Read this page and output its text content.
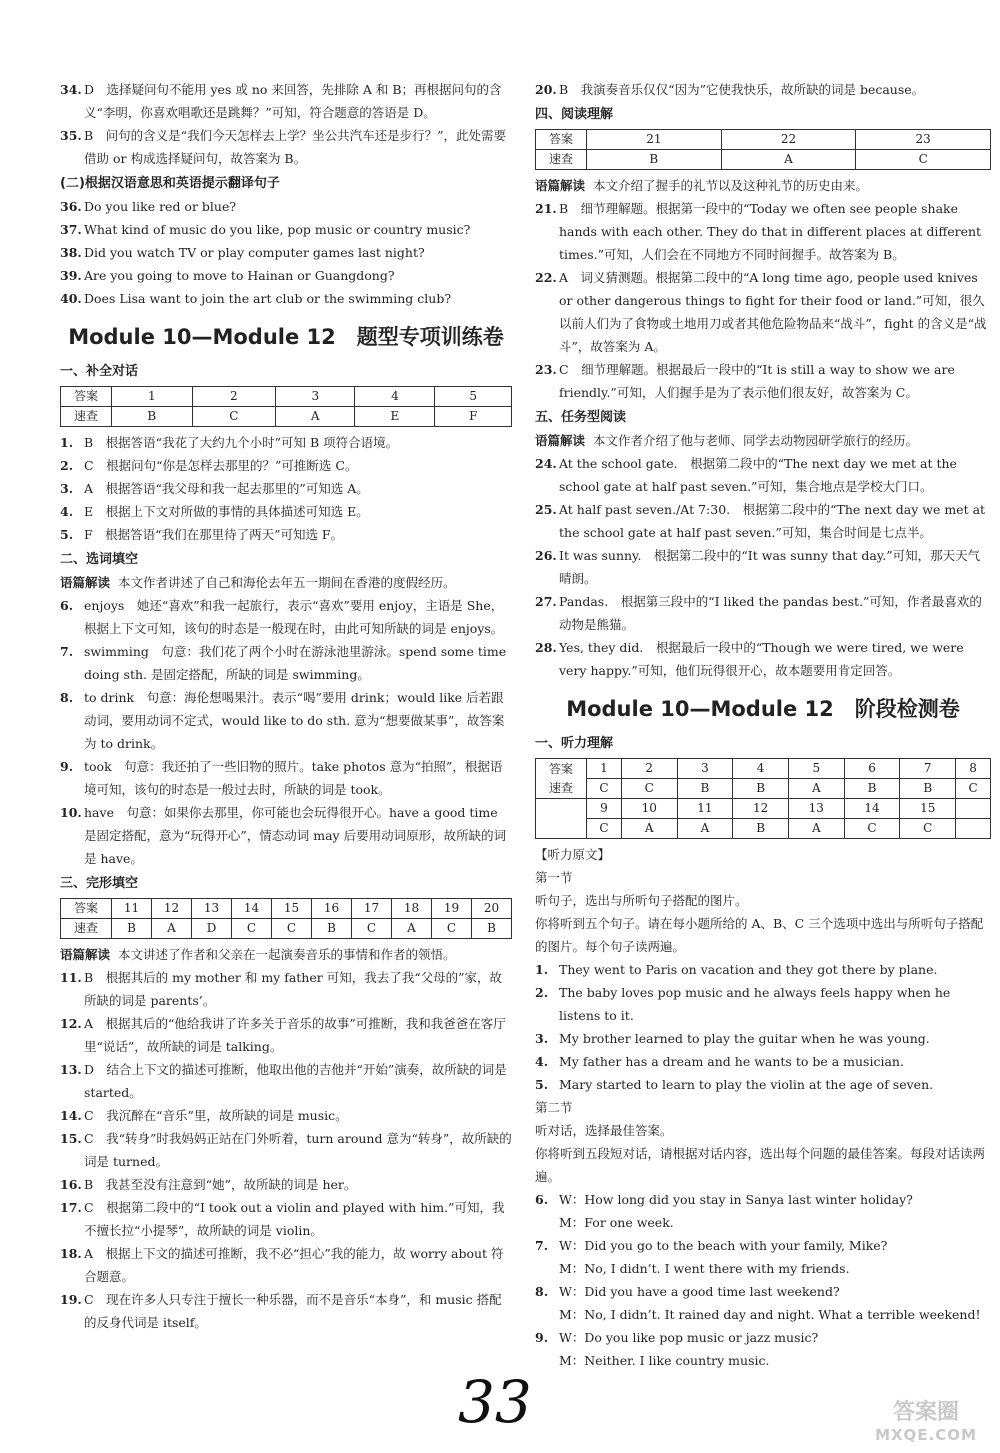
34. D　选择疑问句不能用 yes 或 no 来回答，先排除 A 和 B；再根据问句的含义“李明，你喜欢唱歌还是跳舞？”可知，符合题意的答语是 D。
35. B　问句的含义是“我们今天怎样去上学？坐公共汽车还是步行？”，此处需要借助 or 构成选择疑问句，故答案为 B。
(二)根据汉语意思和英语提示翻译句子
36. Do you like red or blue?
37. What kind of music do you like, pop music or country music?
38. Did you watch TV or play computer games last night?
39. Are you going to move to Hainan or Guangdong?
40. Does Lisa want to join the art club or the swimming club?
Module 10—Module 12　题型专项训练卷
一、补全对话
答案	1	2	3	4	5
速查	B	C	A	E	F
1. B　根据答语“我花了大约九个小时”可知 B 项符合语境。
2. C　根据问句“你是怎样去那里的？”可推断选 C。
3. A　根据答语“我父母和我一起去那里的”可知选 A。
4. E　根据上下文对所做的事情的具体描述可知选 E。
5. F　根据答语“我们在那里待了两天”可知选 F。
二、选词填空
语篇解读 本文作者讲述了自己和海伦去年五一期间在香港的度假经历。
6. enjoys　她还“喜欢”和我一起旅行，表示“喜欢”要用 enjoy，主语是 She，根据上下文可知，该句的时态是一般现在时，由此可知所缺的词是 enjoys。
7. swimming　句意：我们花了两个小时在游泳池里游泳。spend some time doing sth. 是固定搭配，所缺的词是 swimming。
8. to drink　句意：海伦想喝果汁。表示“喝”要用 drink；would like 后若跟动词，要用动词不定式，would like to do sth. 意为“想要做某事”，故答案为 to drink。
9. took　句意：我还拍了一些旧物的照片。take photos 意为“拍照”，根据语境可知，该句的时态是一般过去时，所缺的词是 took。
10. have　句意：如果你去那里，你可能也会玩得很开心。have a good time 是固定搭配，意为“玩得开心”，情态动词 may 后要用动词原形，故所缺的词是 have。
三、完形填空
答案	11	12	13	14	15	16	17	18	19	20
速查	B	A	D	C	C	B	C	A	C	B
语篇解读 本文讲述了作者和父亲在一起演奏音乐的事情和作者的领悟。
11. B　根据其后的 my mother 和 my father 可知，我去了我“父母的”家，故所缺的词是 parents’。
12. A　根据其后的“他给我讲了许多关于音乐的故事”可推断，我和我爸爸在客厅里“说话”，故所缺的词是 talking。
13. D　结合上下文的描述可推断，他取出他的吉他并“开始”演奏，故所缺的词是 started。
14. C　我沉醉在“音乐”里，故所缺的词是 music。
15. C　我“转身”时我妈妈正站在门外听着，turn around 意为“转身”，故所缺的词是 turned。
16. B　我甚至没有注意到“她”，故所缺的词是 her。
17. C　根据第二段中的“I took out a violin and played with him.”可知，我不擅长拉“小提琴”，故所缺的词是 violin。
18. A　根据上下文的描述可推断，我不必“担心”我的能力，故 worry about 符合题意。
19. C　现在许多人只专注于擅长一种乐器，而不是音乐“本身”，和 music 搭配的反身代词是 itself。
20. B　我演奏音乐仅仅“因为”它使我快乐，故所缺的词是 because。
四、阅读理解
答案	21	22	23
速查	B	A	C
语篇解读 本文介绍了握手的礼节以及这种礼节的历史由来。
21. B　细节理解题。根据第一段中的“Today we often see people shake hands with each other. They do that in different places at different times.”可知，人们会在不同地方不同时间握手。故答案为 B。
22. A　词义猜测题。根据第二段中的“A long time ago, people used knives or other dangerous things to fight for their food or land.”可知，很久以前人们为了食物或土地用刀或者其他危险物品来“战斗”，fight 的含义是“战斗”，故答案为 A。
23. C　细节理解题。根据最后一段中的“It is still a way to show we are friendly.”可知，人们握手是为了表示他们很友好，故答案为 C。
五、任务型阅读
语篇解读 本文作者介绍了他与老师、同学去动物园研学旅行的经历。
24. At the school gate.　根据第二段中的“The next day we met at the school gate at half past seven.”可知，集合地点是学校大门口。
25. At half past seven./At 7:30.　根据第二段中的“The next day we met at the school gate at half past seven.”可知，集合时间是七点半。
26. It was sunny.　根据第二段中的“It was sunny that day.”可知，那天天气晴朗。
27. Pandas.　根据第三段中的“I liked the pandas best.”可知，作者最喜欢的动物是熊猫。
28. Yes, they did.　根据最后一段中的“Though we were tired, we were very happy.”可知，他们玩得很开心，故本题要用肯定回答。
Module 10—Module 12　阶段检测卷
一、听力理解
答案
速查	1	2	3	4	5	6	7	8
	C	C	B	B	A	B	B	C
	9	10	11	12	13	14	15	
	C	A	A	B	A	C	C	
【听力原文】
第一节
听句子，选出与所听句子搭配的图片。
你将听到五个句子。请在每小题所给的 A、B、C 三个选项中选出与所听句子搭配的图片。每个句子读两遍。
1. They went to Paris on vacation and they got there by plane.
2. The baby loves pop music and he always feels happy when he listens to it.
3. My brother learned to play the guitar when he was young.
4. My father has a dream and he wants to be a musician.
5. Mary started to learn to play the violin at the age of seven.
第二节
听对话，选择最佳答案。
你将听到五段短对话，请根据对话内容，选出每个问题的最佳答案。每段对话读两遍。
6. W：How long did you stay in Sanya last winter holiday?
M：For one week.
7. W：Did you go to the beach with your family, Mike?
M：No, I didn’t. I went there with my friends.
8. W：Did you have a good time last weekend?
M：No, I didn’t. It rained day and night. What a terrible weekend!
9. W：Do you like pop music or jazz music?
M：Neither. I like country music.
33	答案圈
MXQE.COM
